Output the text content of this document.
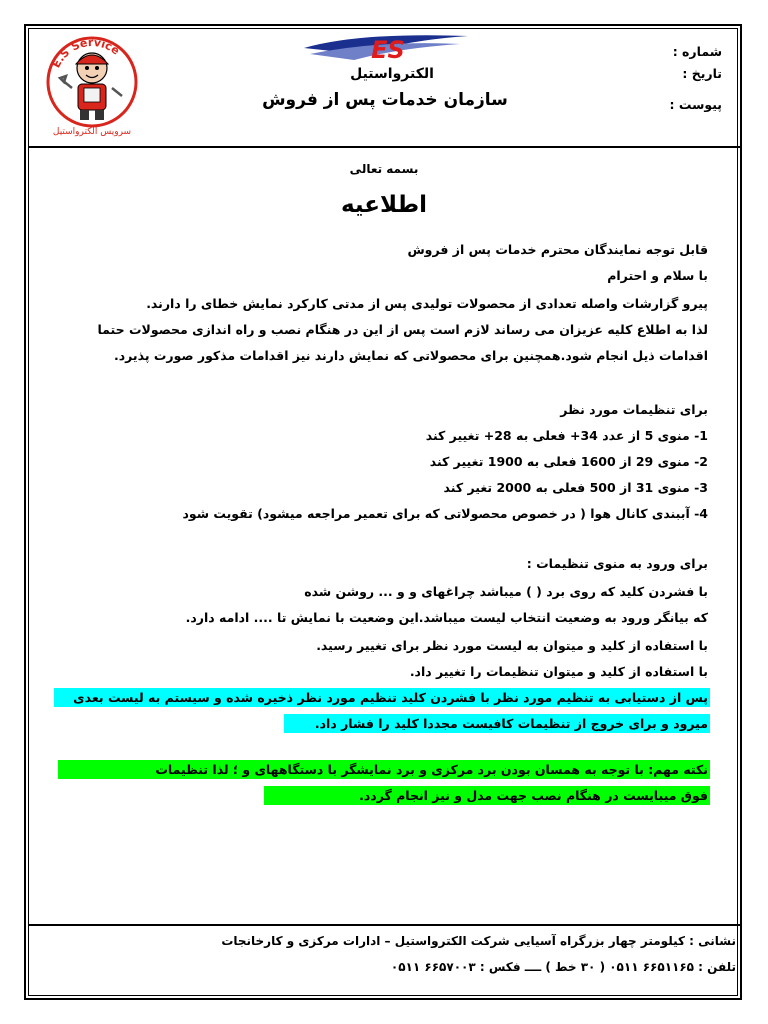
E.S Service
سرويس الكترواستيل
ES
الكترواستيل
شماره :
تاریخ :
پیوست :
سازمان خدمات پس از فروش
بسمه تعالی
اطلاعیه
قابل توجه نمایندگان محترم خدمات پس از فروش
با سلام و احترام
پیرو گزارشات واصله تعدادی از محصولات تولیدی پس از مدتی کارکرد نمایش خطای را دارند.
لذا به اطلاع کلیه عزیزان می رساند لازم است پس از این در هنگام نصب و راه اندازی محصولات حتما
اقدامات ذیل انجام شود.همچنین برای محصولاتی که نمایش دارند نیز اقدامات مذکور صورت پذیرد.
برای تنظیمات مورد نظر
1- منوی 5 از عدد 34+ فعلی به 28+ تغییر کند
2- منوی 29 از 1600 فعلی به 1900 تغییر کند
3- منوی 31 از 500 فعلی به 2000 تغیر کند
4- آببندی کانال هوا ( در خصوص محصولاتی که برای تعمیر مراجعه میشود) تقویت شود
برای ورود به منوی تنظیمات :
با فشردن کلید که روی برد ( ) میباشد چراغهای و و ... روشن شده
که بیانگر ورود به وضعیت انتخاب لیست میباشد.این وضعیت با نمایش تا .... ادامه دارد.
با استفاده از کلید و میتوان به لیست مورد نظر برای تغییر رسید.
با استفاده از کلید و میتوان تنظیمات را تغییر داد.
پس از دستیابی به تنظیم مورد نظر با فشردن کلید تنظیم مورد نظر ذخیره شده و سیستم به لیست بعدی
میرود و برای خروج از تنظیمات کافیست مجددا کلید را فشار داد.
نکته مهم: با توجه به همسان بودن برد مرکزی و برد نمایشگر با دستگاههای و ؛ لذا تنظیمات
فوق میبایست در هنگام نصب جهت مدل و نیز انجام گردد.
نشانی : کیلومتر چهار بزرگراه آسیایی شرکت الکترواستیل – ادارات مرکزی و کارخانجات
تلفن : ۶۶۵۱۱۶۵ ۰۵۱۱ ( ۳۰ خط ) ــــ فکس : ۶۶۵۷۰۰۳ ۰۵۱۱
